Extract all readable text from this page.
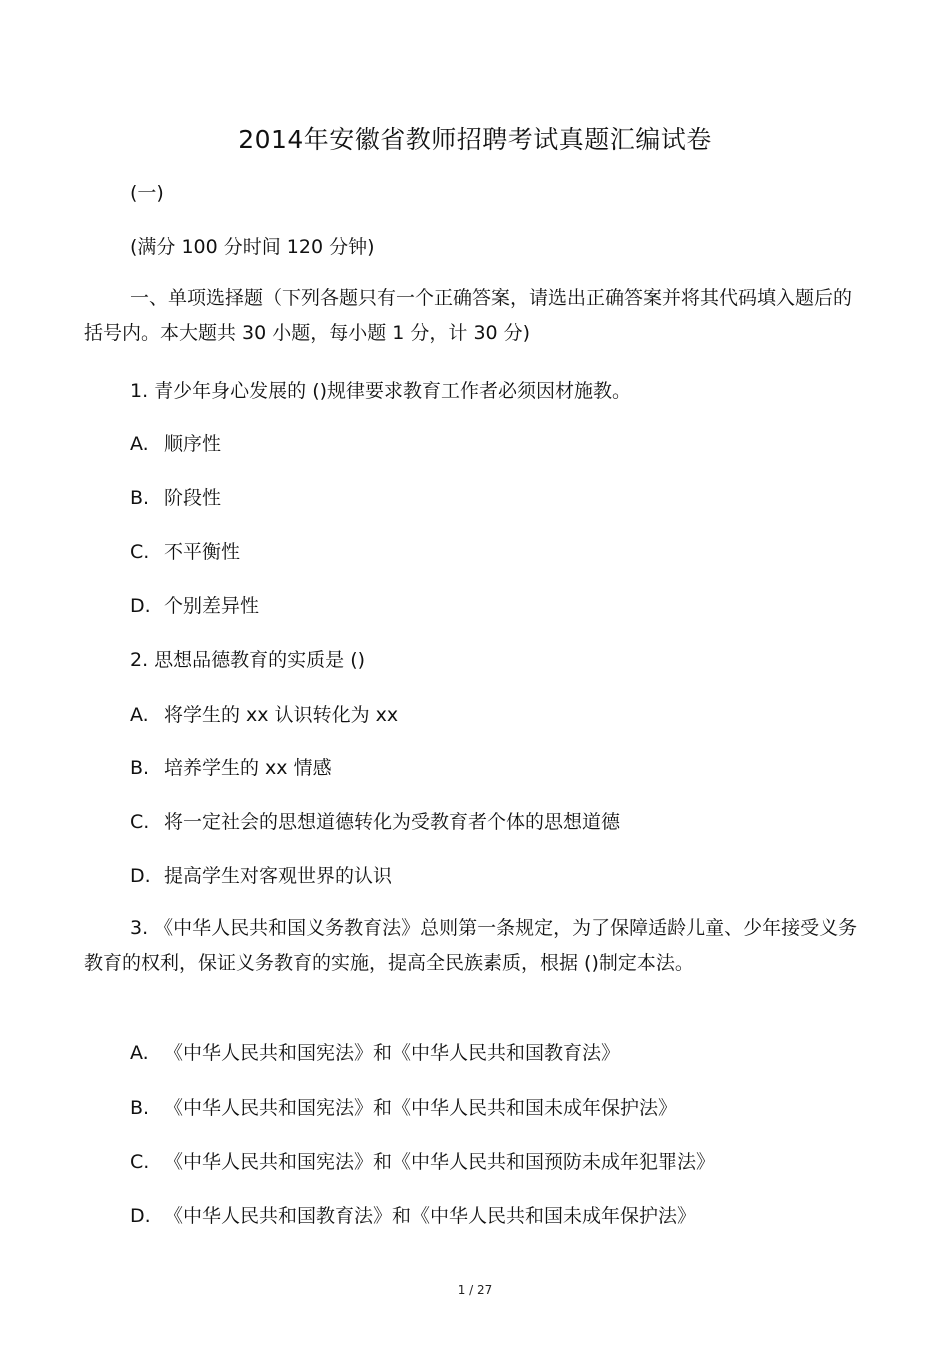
2014年安徽省教师招聘考试真题汇编试卷
(一)
(满分 100 分时间 120 分钟)
一、单项选择题（下列各题只有一个正确答案，请选出正确答案并将其代码填入题后的括号内。本大题共 30 小题，每小题 1 分，计 30 分)
1. 青少年身心发展的 ()规律要求教育工作者必须因材施教。
A. 顺序性
B. 阶段性
C. 不平衡性
D. 个别差异性
2. 思想品德教育的实质是 ()
A. 将学生的 xx 认识转化为 xx
B. 培养学生的 xx 情感
C. 将一定社会的思想道德转化为受教育者个体的思想道德
D. 提高学生对客观世界的认识
3. 《中华人民共和国义务教育法》总则第一条规定，为了保障适龄儿童、少年接受义务教育的权利，保证义务教育的实施，提高全民族素质，根据 ()制定本法。
A. 《中华人民共和国宪法》和《中华人民共和国教育法》
B. 《中华人民共和国宪法》和《中华人民共和国未成年保护法》
C. 《中华人民共和国宪法》和《中华人民共和国预防未成年犯罪法》
D. 《中华人民共和国教育法》和《中华人民共和国未成年保护法》
1 / 27
